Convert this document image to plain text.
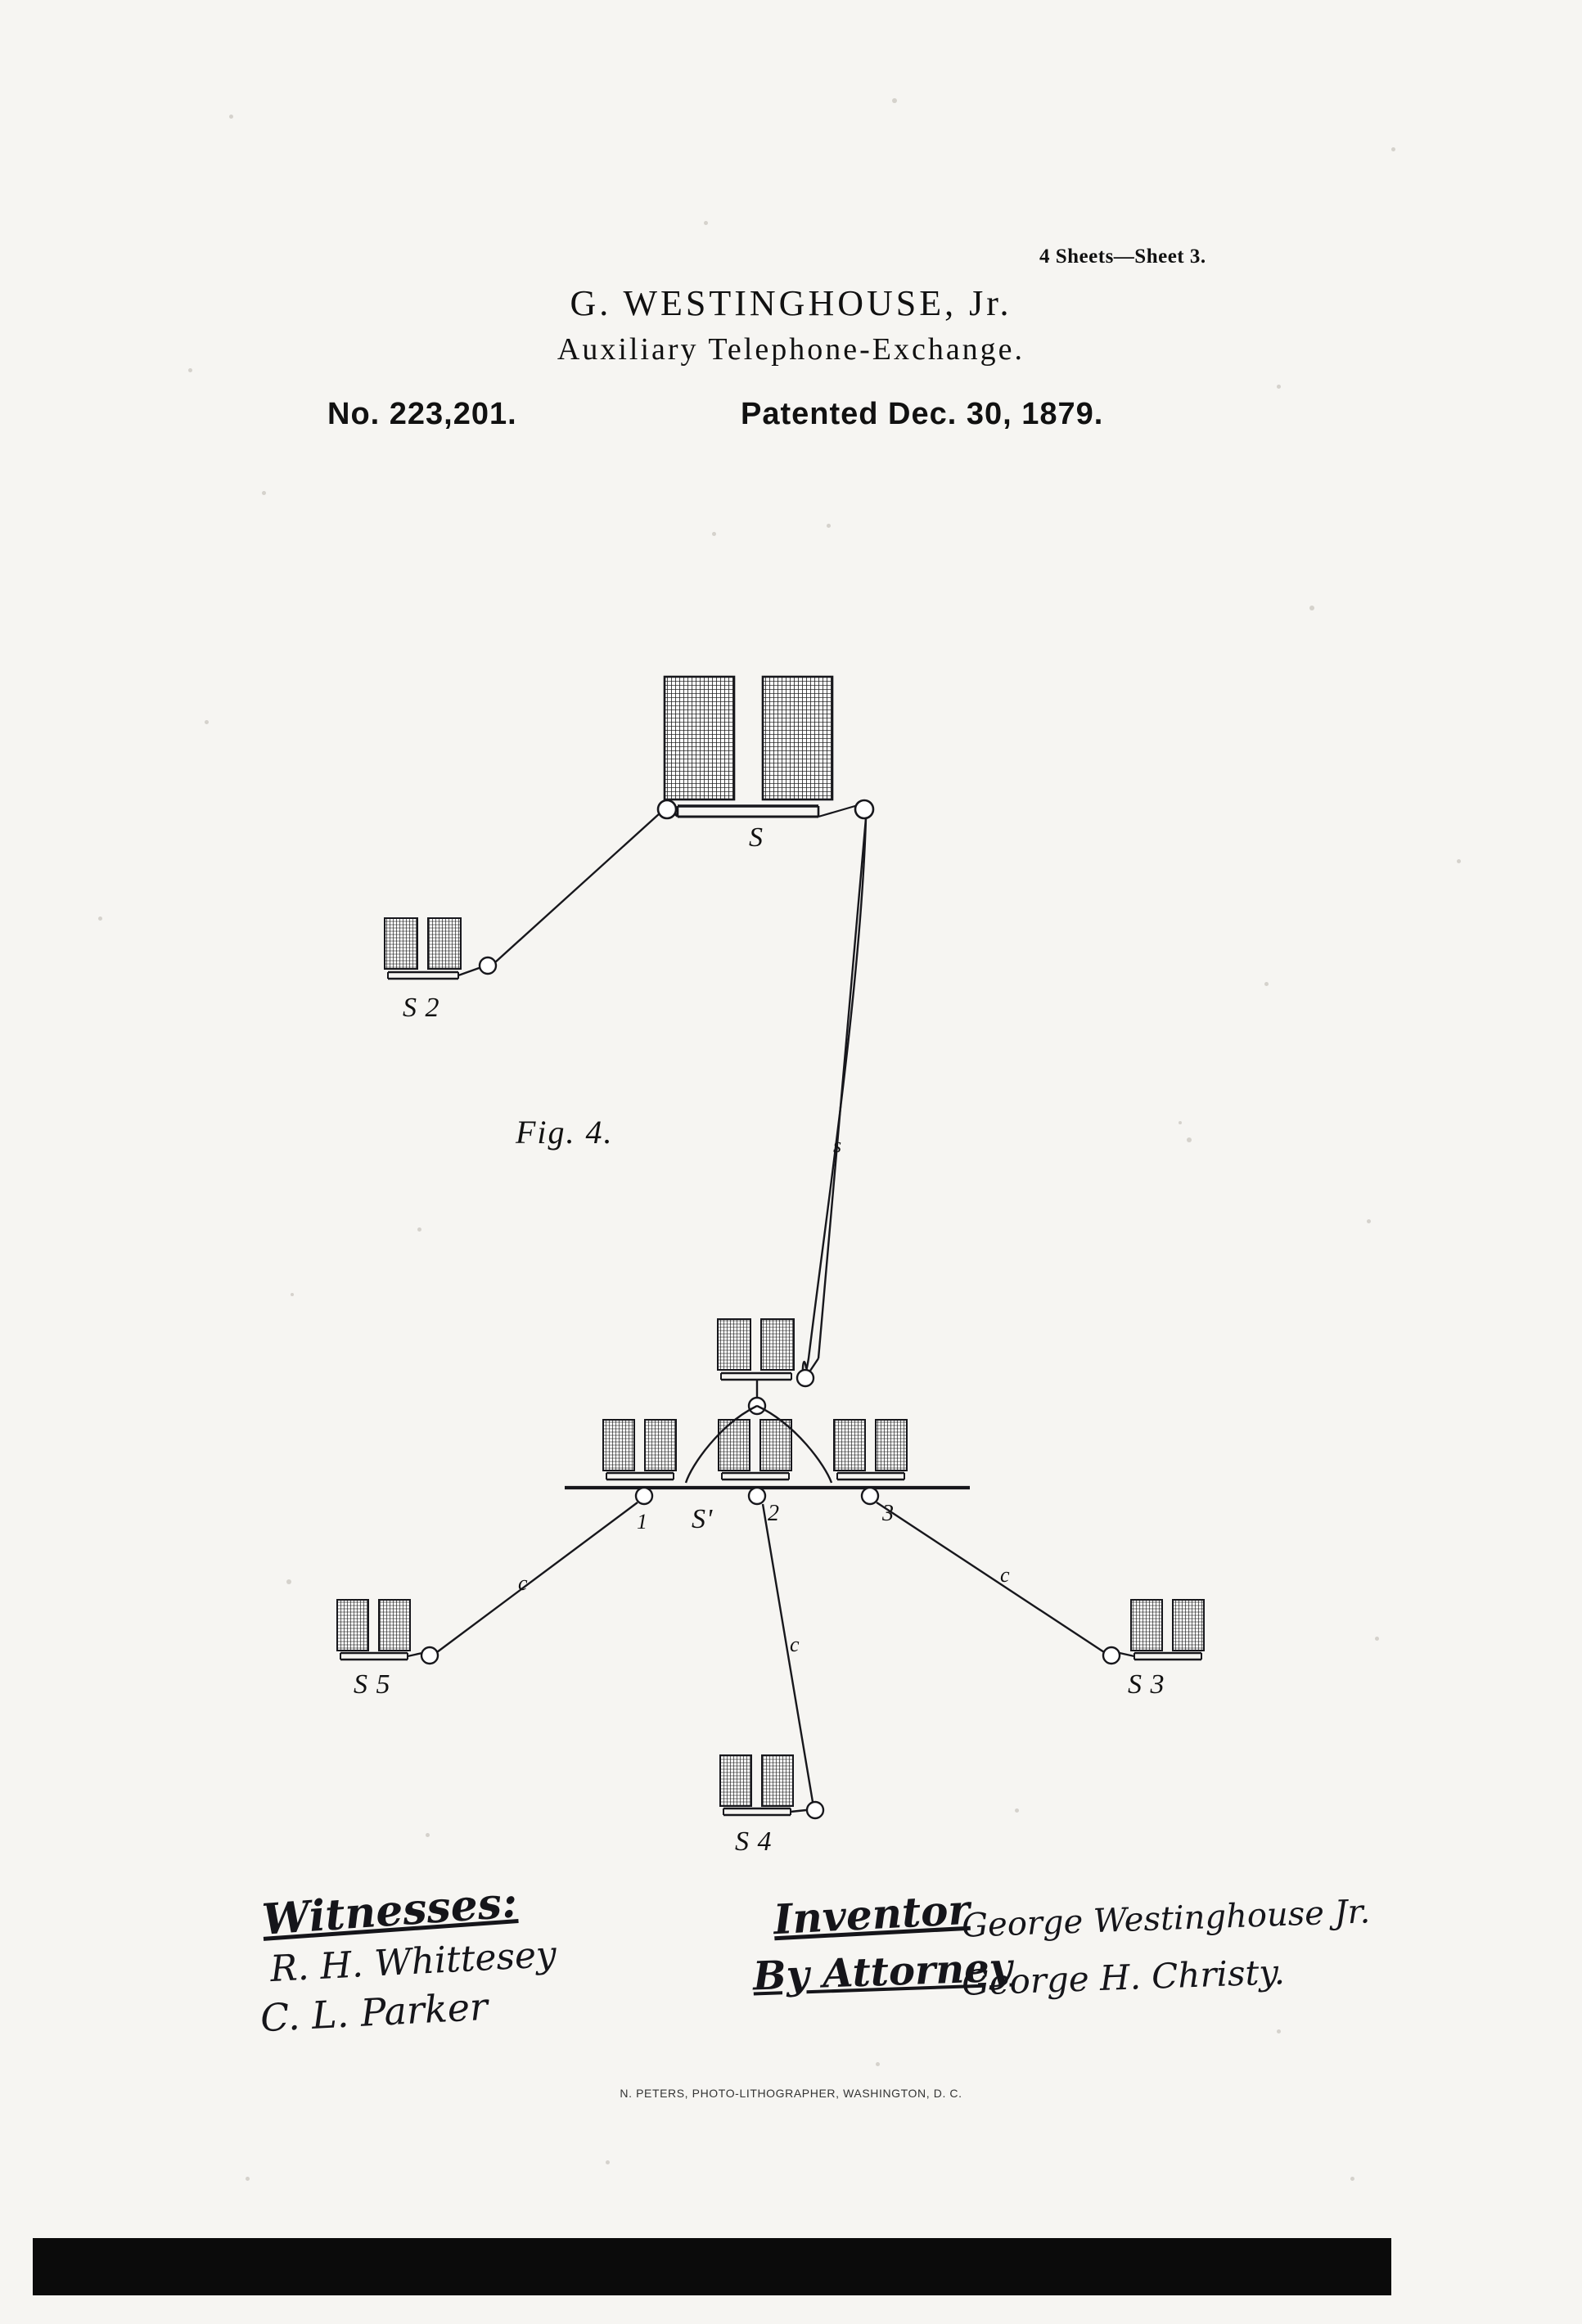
4 Sheets—Sheet 3.
G. WESTINGHOUSE, Jr.
Auxiliary Telephone-Exchange.
No. 223,201.	Patented Dec. 30, 1879.
S
S 2
s
Fig. 4.
S'
1	2	3
c
c
c
S 5	S 3
S 4
Witnesses:
R. H. Whittesey
C. L. Parker
Inventor
George Westinghouse Jr.
By Attorney
George H. Christy.
N. PETERS, PHOTO-LITHOGRAPHER, WASHINGTON, D. C.
